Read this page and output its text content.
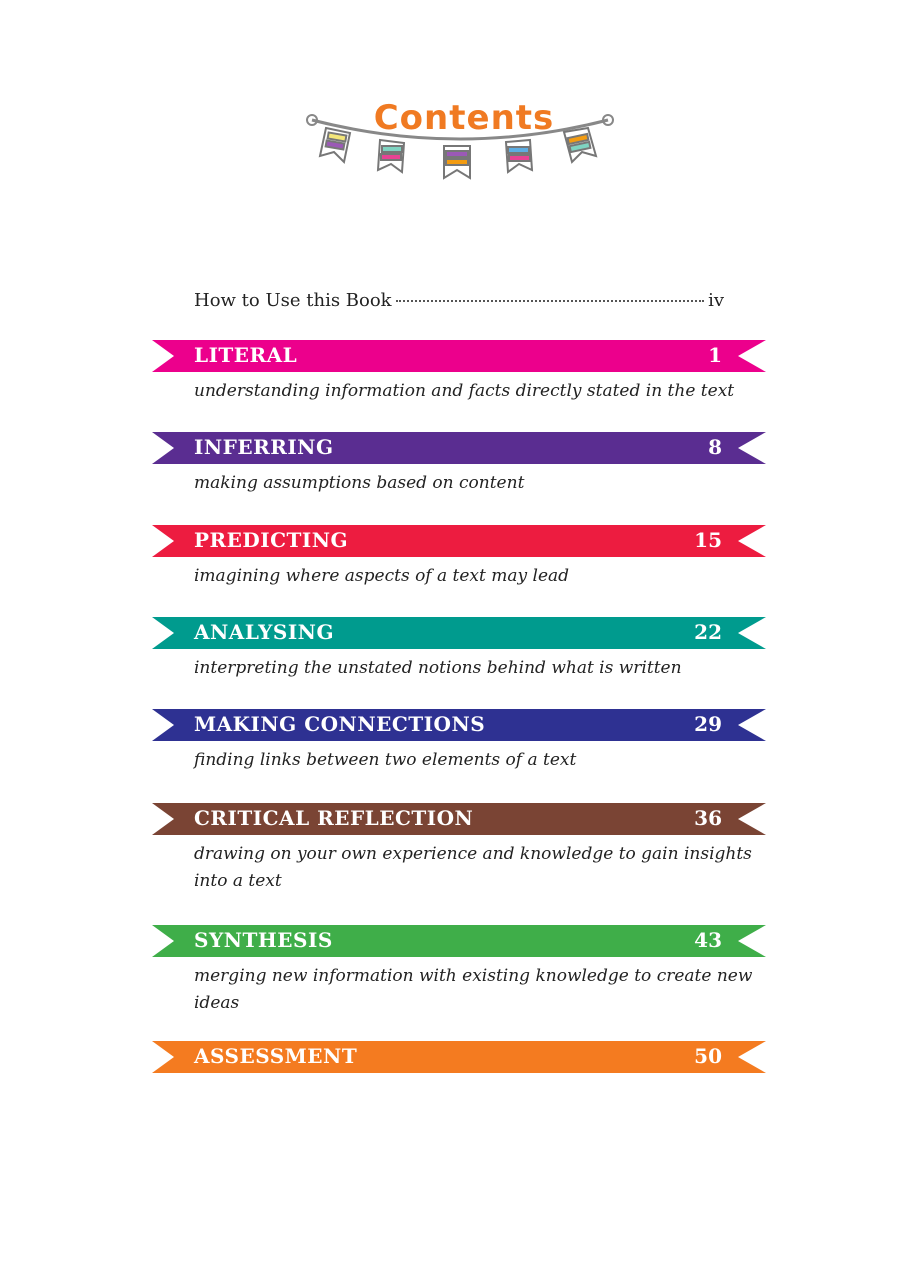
Contents
How to Use this Book	iv
LITERAL	1
understanding information and facts directly stated in the text
INFERRING	8
making assumptions based on content
PREDICTING	15
imagining where aspects of a text may lead
ANALYSING	22
interpreting the unstated notions behind what is written
MAKING CONNECTIONS	29
finding links between two elements of a text
CRITICAL REFLECTION	36
drawing on your own experience and knowledge to gain insights into a text
SYNTHESIS	43
merging new information with existing knowledge to create new ideas
ASSESSMENT	50
